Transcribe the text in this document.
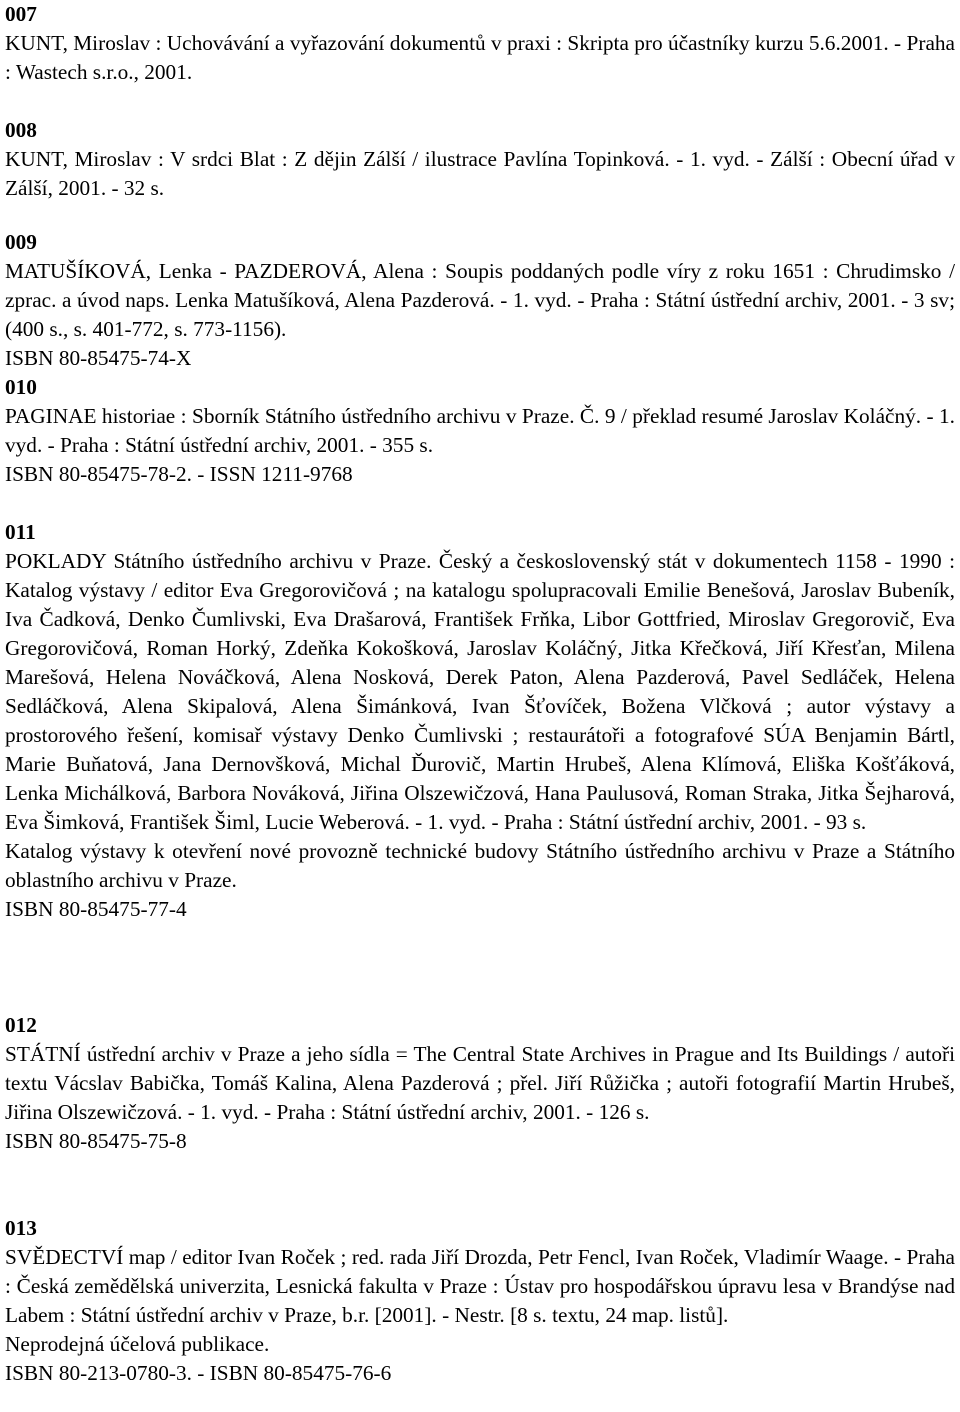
007
KUNT, Miroslav : Uchovávání a vyřazování dokumentů v praxi : Skripta pro účastníky kurzu 5.6.2001. - Praha : Wastech s.r.o., 2001.
008
KUNT, Miroslav : V srdci Blat : Z dějin Zálší / ilustrace Pavlína Topinková. - 1. vyd. - Zálší : Obecní úřad v Zálší, 2001. - 32 s.
009
MATUŠÍKOVÁ, Lenka - PAZDEROVÁ, Alena : Soupis poddaných podle víry z roku 1651 : Chrudimsko / zprac. a úvod naps. Lenka Matušíková, Alena Pazderová. - 1. vyd. - Praha : Státní ústřední archiv, 2001. - 3 sv; (400 s., s. 401-772, s. 773-1156).
ISBN 80-85475-74-X
010
PAGINAE historiae : Sborník Státního ústředního archivu v Praze. Č. 9 / překlad resumé Jaroslav Koláčný. - 1. vyd. - Praha : Státní ústřední archiv, 2001. - 355 s.
ISBN 80-85475-78-2. - ISSN 1211-9768
011
POKLADY Státního ústředního archivu v Praze. Český a československý stát v dokumentech 1158 - 1990 : Katalog výstavy / editor Eva Gregorovičová ; na katalogu spolupracovali Emilie Benešová, Jaroslav Bubeník, Iva Čadková, Denko Čumlivski, Eva Drašarová, František Frňka, Libor Gottfried, Miroslav Gregorovič, Eva Gregorovičová, Roman Horký, Zdeňka Kokošková, Jaroslav Koláčný, Jitka Křečková, Jiří Křesťan, Milena Marešová, Helena Nováčková, Alena Nosková, Derek Paton, Alena Pazderová, Pavel Sedláček, Helena Sedláčková, Alena Skipalová, Alena Šimánková, Ivan Šťovíček, Božena Vlčková ; autor výstavy a prostorového řešení, komisař výstavy Denko Čumlivski ; restaurátoři a fotografové SÚA Benjamin Bártl, Marie Buňatová, Jana Dernovšková, Michal Ďurovič, Martin Hrubeš, Alena Klímová, Eliška Košťáková, Lenka Michálková, Barbora Nováková, Jiřina Olszewičzová, Hana Paulusová, Roman Straka, Jitka Šejharová, Eva Šimková, František Šiml, Lucie Weberová. - 1. vyd. - Praha : Státní ústřední archiv, 2001. - 93 s.
Katalog výstavy k otevření nové provozně technické budovy Státního ústředního archivu v Praze a Státního oblastního archivu v Praze.
ISBN 80-85475-77-4
012
STÁTNÍ ústřední archiv v Praze a jeho sídla = The Central State Archives in Prague and Its Buildings / autoři textu Vácslav Babička, Tomáš Kalina, Alena Pazderová ; přel. Jiří Růžička ; autoři fotografií Martin Hrubeš, Jiřina Olszewičzová. - 1. vyd. - Praha : Státní ústřední archiv, 2001. - 126 s.
ISBN 80-85475-75-8
013
SVĚDECTVÍ map / editor Ivan Roček ; red. rada Jiří Drozda, Petr Fencl, Ivan Roček, Vladimír Waage. - Praha : Česká zemědělská univerzita, Lesnická fakulta v Praze : Ústav pro hospodářskou úpravu lesa v Brandýse nad Labem : Státní ústřední archiv v Praze, b.r. [2001]. - Nestr. [8 s. textu, 24 map. listů].
Neprodejná účelová publikace.
ISBN 80-213-0780-3. - ISBN 80-85475-76-6
